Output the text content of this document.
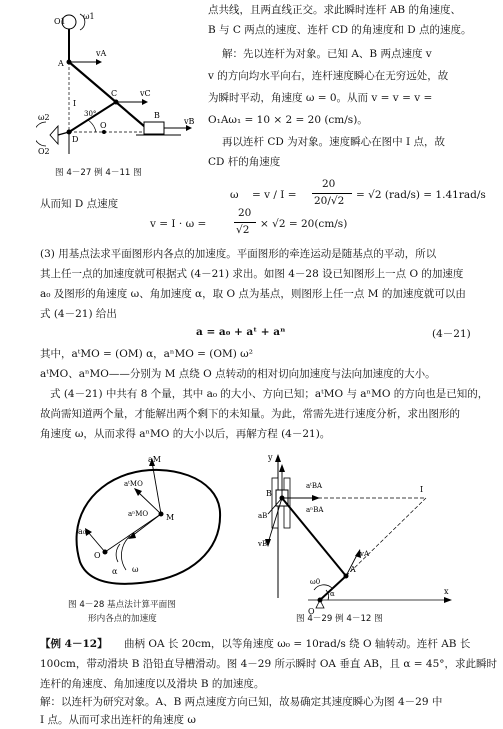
O1
ω1
A
vA
C	vC
I
B
vB
D
O
ω2
O2
30°
图 4－27 例 4－11 图
点共线，且两直线正交。求此瞬时连杆 AB 的角速度、
B 与 C 两点的速度、连杆 CD 的角速度和 D 点的速度。
解：先以连杆为对象。已知 A、B 两点速度 v
v 的方向均水平向右，连杆速度瞬心在无穷远处，故
为瞬时平动，角速度 ω = 0。从而 v = v = v =
O₁Aω₁ = 10 × 2 = 20 (cm/s)。
再以连杆 CD 为对象。速度瞬心在图中 I 点，故
CD 杆的角速度
ω = v / I =
20
20/√2 = √2 (rad/s) = 1.41rad/s
从而知 D 点速度
v = I · ω =
20
√2 × √2 = 20(cm/s)
(3) 用基点法求平面图形内各点的加速度。平面图形的牵连运动是随基点的平动，所以
其上任一点的加速度就可根据式 (4－21) 求出。如图 4－28 设已知图形上一点 O 的加速度
a₀ 及图形的角速度 ω、角加速度 α，取 O 点为基点，则图形上任一点 M 的加速度就可以由
式 (4－21) 给出
a = a₀ + aᵗ + aⁿ	(4－21)
其中，aᵗMO = (OM) α，aⁿMO = (OM) ω²
aᵗMO、aⁿMO——分别为 M 点绕 O 点转动的相对切向加速度与法向加速度的大小。
式 (4－21) 中共有 8 个量，其中 a₀ 的大小、方向已知；aᵗMO 与 aⁿMO 的方向也是已知的，
故尚需知道两个量，才能解出两个剩下的未知量。为此，常需先进行速度分析，求出图形的
角速度 ω，从而求得 aⁿMO 的大小以后，再解方程 (4－21)。
aM
aᵗMO
aⁿMO M
a₀
O
α ω
图 4－28 基点法计算平面图
形内各点的加速度
y
B
aB
aᵗBA
aⁿBA
I
vB
vA
A
α
ω0
O
x
图 4－29 例 4－12 图
【例 4－12】 曲柄 OA 长 20cm，以等角速度 ω₀ = 10rad/s 绕 O 轴转动。连杆 AB 长
100cm，带动滑块 B 沿铅直导槽滑动。图 4－29 所示瞬时 OA 垂直 AB，且 α = 45°，求此瞬时
连杆的角速度、角加速度以及滑块 B 的加速度。
解：以连杆为研究对象。A、B 两点速度方向已知，故易确定其速度瞬心为图 4－29 中
I 点。从而可求出连杆的角速度 ω
